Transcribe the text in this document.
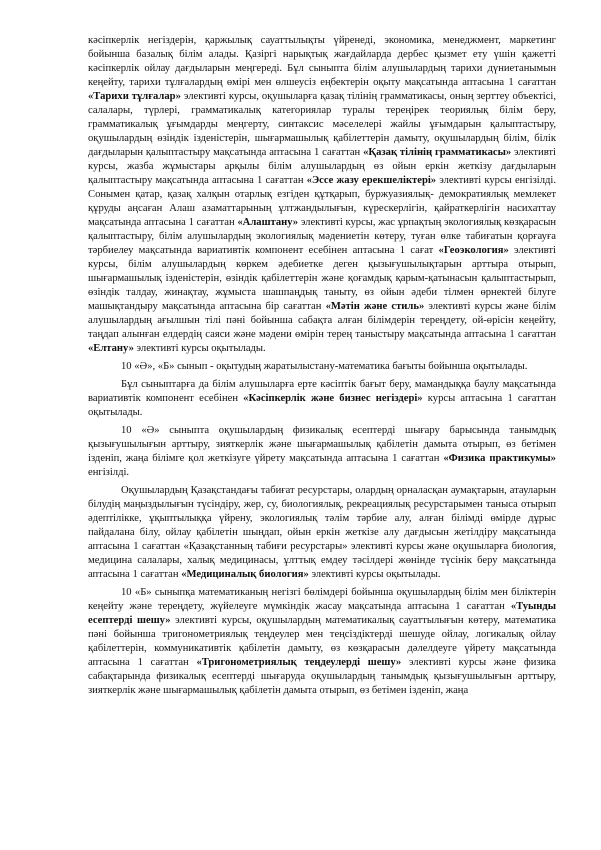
кәсіпкерлік негіздерін, қаржылық сауаттылықты үйренеді, экономика, менеджмент, маркетинг бойынша базалық білім алады. Қазіргі нарықтық жағдайларда дербес қызмет ету үшін қажетті кәсіпкерлік ойлау дағдыларын меңгереді. Бұл сыныпта білім алушылардың тарихи дүниетанымын кеңейту, тарихи тұлғалардың өмірі мен өлшеусіз еңбектерін оқыту мақсатында аптасына 1 сағаттан «Тарихи тұлғалар» элективті курсы, оқушыларға қазақ тілінің грамматикасы, оның зерттеу объектісі, салалары, түрлері, грамматикалық категориялар туралы тереңірек теориялық білім беру, грамматикалық ұғымдарды меңгерту, синтаксис мәселелері жайлы ұғымдарын қалыптастыру, оқушылардың өзіндік ізденістерін, шығармашылық қабілеттерін дамыту, оқушылардың білім, білік дағдыларын қалыптастыру мақсатында аптасына 1 сағаттан «Қазақ тілінің грамматикасы» элективті курсы, жазба жұмыстары арқылы білім алушылардың өз ойын еркін жеткізу дағдыларын қалыптастыру мақсатында аптасына 1 сағаттан «Эссе жазу ерекшеліктері» элективті курсы енгізілді. Сонымен қатар, қазақ халқын отарлық езгіден құтқарып, буржуазиялық- демократиялық мемлекет құруды аңсаған Алаш азаматтарының ұлтжандылығын, күрескерлігін, қайраткерлігін насихаттау мақсатында аптасына 1 сағаттан «Алаштану» элективті курсы, жас ұрпақтың экологиялық көзқарасын қалыптастыру, білім алушылардың экологиялық мәдениетін көтеру, туған өлке табиғатын қорғауға тәрбиелеу мақсатында вариативтік компонент есебінен аптасына 1 сағат «Геоэкология» элективті курсы, білім алушылардың көркем әдебиетке деген қызығушылықтарын арттыра отырып, шығармашылық ізденістерін, өзіндік қабілеттерін және қоғамдық қарым-қатынасын қалыптастырып, өзіндік талдау, жинақтау, жұмыста шашпаңдық таныту, өз ойын әдеби тілмен өрнектей білуге машықтандыру мақсатында аптасына бір сағаттан «Мәтін және стиль» элективті курсы және білім алушылардың ағылшын тілі пәні бойынша сабақта алған білімдерін тереңдету, ой-өрісін кеңейту, таңдап алынған елдердің саяси және мәдени өмірін терең таныстыру мақсатында аптасына 1 сағаттан «Елтану» элективті курсы оқытылады.

10 «Ә», «Б» сынып - оқытудың жаратылыстану-математика бағыты бойынша оқытылады.

Бұл сыныптарға да білім алушыларға ерте кәсіптік бағыт беру, мамандыққа баулу мақсатында вариативтік компонент есебінен «Кәсіпкерлік және бизнес негіздері» курсы аптасына 1 сағаттан оқытылады.

10 «Ә» сыныпта оқушылардың физикалық есептерді шығару барысында танымдық қызығушылығын арттыру, зияткерлік және шығармашылық қабілетін дамыта отырып, өз бетімен ізденіп, жаңа білімге қол жеткізуге үйрету мақсатында аптасына 1 сағаттан «Физика практикумы» енгізілді.

Оқушылардың Қазақстандағы табиғат ресурстары, олардың орналасқан аумақтарын, атауларын білудің маңыздылығын түсіндіру, жер, су, биологиялық, рекреациялық ресурстарымен таныса отырып әдептілікке, ұқыптылыққа үйрену, экологиялық тәлім тәрбие алу, алған білімді өмірде дұрыс пайдалана білу, ойлау қабілетін шыңдап, ойын еркін жеткізе алу дағдысын жетілдіру мақсатында аптасына 1 сағаттан «Қазақстанның табиғи ресурстары» элективті курсы және оқушыларға биология, медицина салалары, халық медицинасы, ұлттық емдеу тәсілдері жөнінде түсінік беру мақсатында аптасына 1 сағаттан «Медициналық биология» элективті курсы оқытылады.

10 «Б» сыныпқа математиканың негізгі бөлімдері бойынша оқушылардың білім мен біліктерін кеңейту және тереңдету, жүйелеуге мүмкіндік жасау мақсатында аптасына 1 сағаттан «Туынды есептерді шешу» элективті курсы, оқушылардың математикалық сауаттылығын көтеру, математика пәні бойынша тригонометриялық теңдеулер мен теңсіздіктерді шешуде ойлау, логикалық ойлау қабілеттерін, коммуникативтік қабілетін дамыту, өз көзқарасын дәлелдеуге үйрету мақсатында аптасына 1 сағаттан «Тригонометриялық теңдеулерді шешу» элективті курсы және физика сабақтарында физикалық есептерді шығаруда оқушылардың танымдық қызығушылығын арттыру, зияткерлік және шығармашылық қабілетін дамыта отырып, өз бетімен ізденіп, жаңа
